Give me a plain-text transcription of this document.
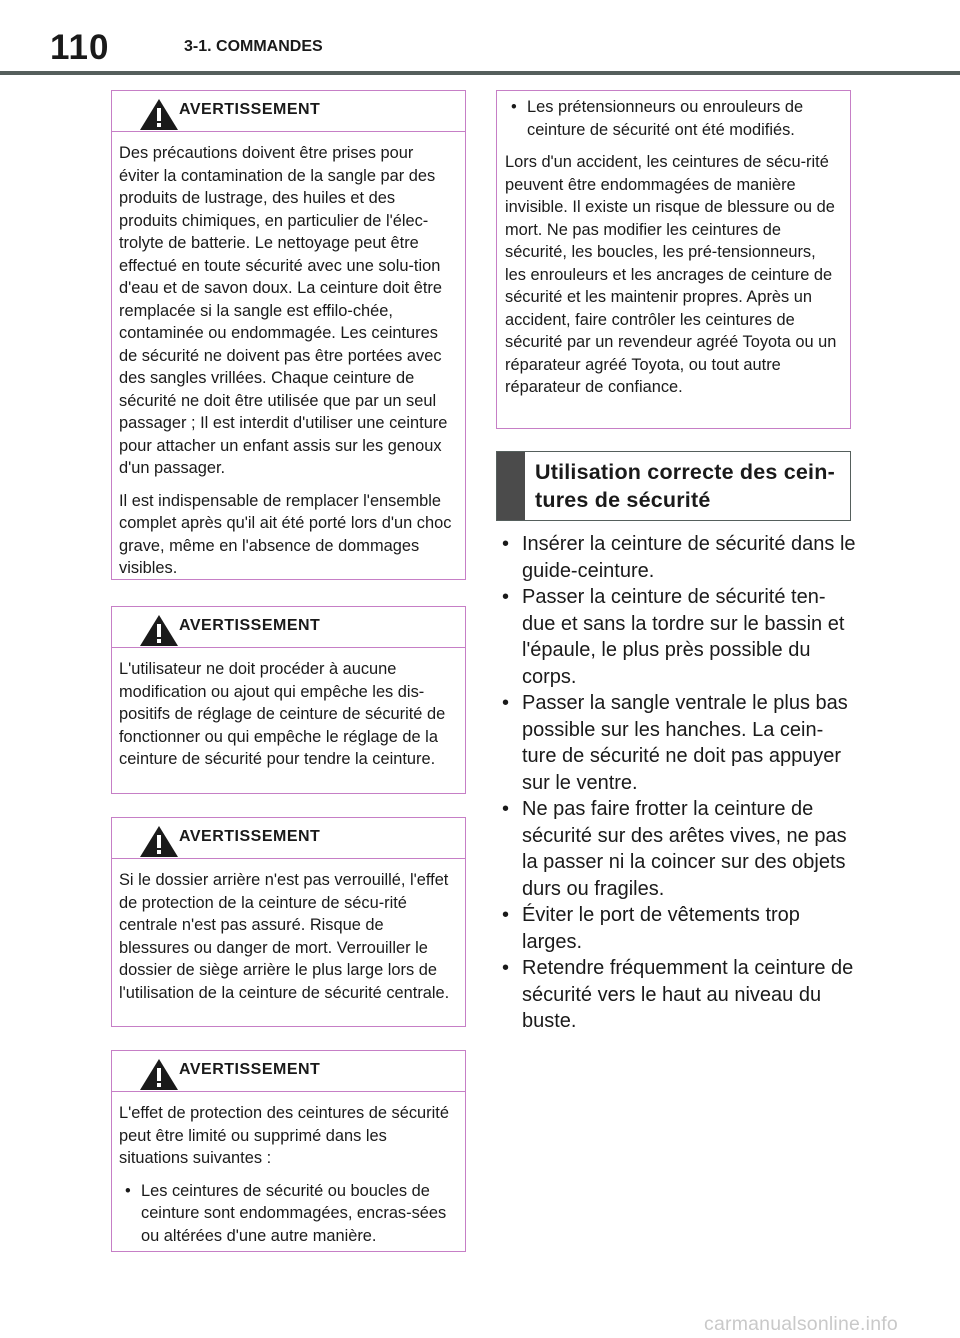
110	3-1. COMMANDES
AVERTISSEMENT

Des précautions doivent être prises pour éviter la contamination de la sangle par des produits de lustrage, des huiles et des produits chimiques, en particulier de l'élec-trolyte de batterie. Le nettoyage peut être effectué en toute sécurité avec une solu-tion d'eau et de savon doux. La ceinture doit être remplacée si la sangle est effilo-chée, contaminée ou endommagée. Les ceintures de sécurité ne doivent pas être portées avec des sangles vrillées. Chaque ceinture de sécurité ne doit être utilisée que par un seul passager ; Il est interdit d'utiliser une ceinture pour attacher un enfant assis sur les genoux d'un passager.

Il est indispensable de remplacer l'ensemble complet après qu'il ait été porté lors d'un choc grave, même en l'absence de dommages visibles.

AVERTISSEMENT

L'utilisateur ne doit procéder à aucune modification ou ajout qui empêche les dis-positifs de réglage de ceinture de sécurité de fonctionner ou qui empêche le réglage de la ceinture de sécurité pour tendre la ceinture.

AVERTISSEMENT

Si le dossier arrière n'est pas verrouillé, l'effet de protection de la ceinture de sécu-rité centrale n'est pas assuré. Risque de blessures ou danger de mort. Verrouiller le dossier de siège arrière le plus large lors de l'utilisation de la ceinture de sécurité centrale.

AVERTISSEMENT

L'effet de protection des ceintures de sécurité peut être limité ou supprimé dans les situations suivantes :

• Les ceintures de sécurité ou boucles de ceinture sont endommagées, encras-sées ou altérées d'une autre manière.
• Les prétensionneurs ou enrouleurs de ceinture de sécurité ont été modifiés.

Lors d'un accident, les ceintures de sécu-rité peuvent être endommagées de manière invisible. Il existe un risque de blessure ou de mort. Ne pas modifier les ceintures de sécurité, les boucles, les pré-tensionneurs, les enrouleurs et les ancrages de ceinture de sécurité et les maintenir propres. Après un accident, faire contrôler les ceintures de sécurité par un revendeur agréé Toyota ou un réparateur agréé Toyota, ou tout autre réparateur de confiance.

Utilisation correcte des cein-tures de sécurité
• Insérer la ceinture de sécurité dans le guide-ceinture.
• Passer la ceinture de sécurité ten-due et sans la tordre sur le bassin et l'épaule, le plus près possible du corps.
• Passer la sangle ventrale le plus bas possible sur les hanches. La cein-ture de sécurité ne doit pas appuyer sur le ventre.
• Ne pas faire frotter la ceinture de sécurité sur des arêtes vives, ne pas la passer ni la coincer sur des objets durs ou fragiles.
• Éviter le port de vêtements trop larges.
• Retendre fréquemment la ceinture de sécurité vers le haut au niveau du buste.
carmanualsonline.info
